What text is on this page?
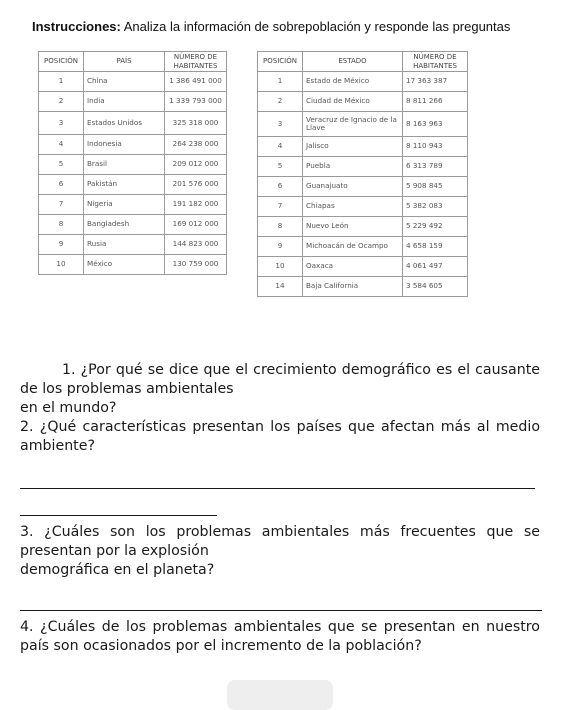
Instrucciones: Analiza la información de sobrepoblación y responde las preguntas
POSICIÓN	PAÍS	NÚMERO DE HABITANTES
1	China	1 386 491 000
2	India	1 339 793 000
3	Estados Unidos	325 318 000
4	Indonesia	264 238 000
5	Brasil	209 012 000
6	Pakistán	201 576 000
7	Nigeria	191 182 000
8	Bangladesh	169 012 000
9	Rusia	144 823 000
10	México	130 759 000
POSICIÓN	ESTADO	NÚMERO DE HABITANTES
1	Estado de México	17 363 387
2	Ciudad de México	8 811 266
3	Veracruz de Ignacio de la Llave	8 163 963
4	Jalisco	8 110 943
5	Puebla	6 313 789
6	Guanajuato	5 908 845
7	Chiapas	5 382 083
8	Nuevo León	5 229 492
9	Michoacán de Ocampo	4 658 159
10	Oaxaca	4 061 497
14	Baja California	3 584 605

1. ¿Por qué se dice que el crecimiento demográfico es el causante de los problemas ambientales

en el mundo?

2. ¿Qué características presentan los países que afectan más al medio ambiente?

3. ¿Cuáles son los problemas ambientales más frecuentes que se presentan por la explosión

demográfica en el planeta?

4. ¿Cuáles de los problemas ambientales que se presentan en nuestro país son ocasionados por el incremento de la población?
